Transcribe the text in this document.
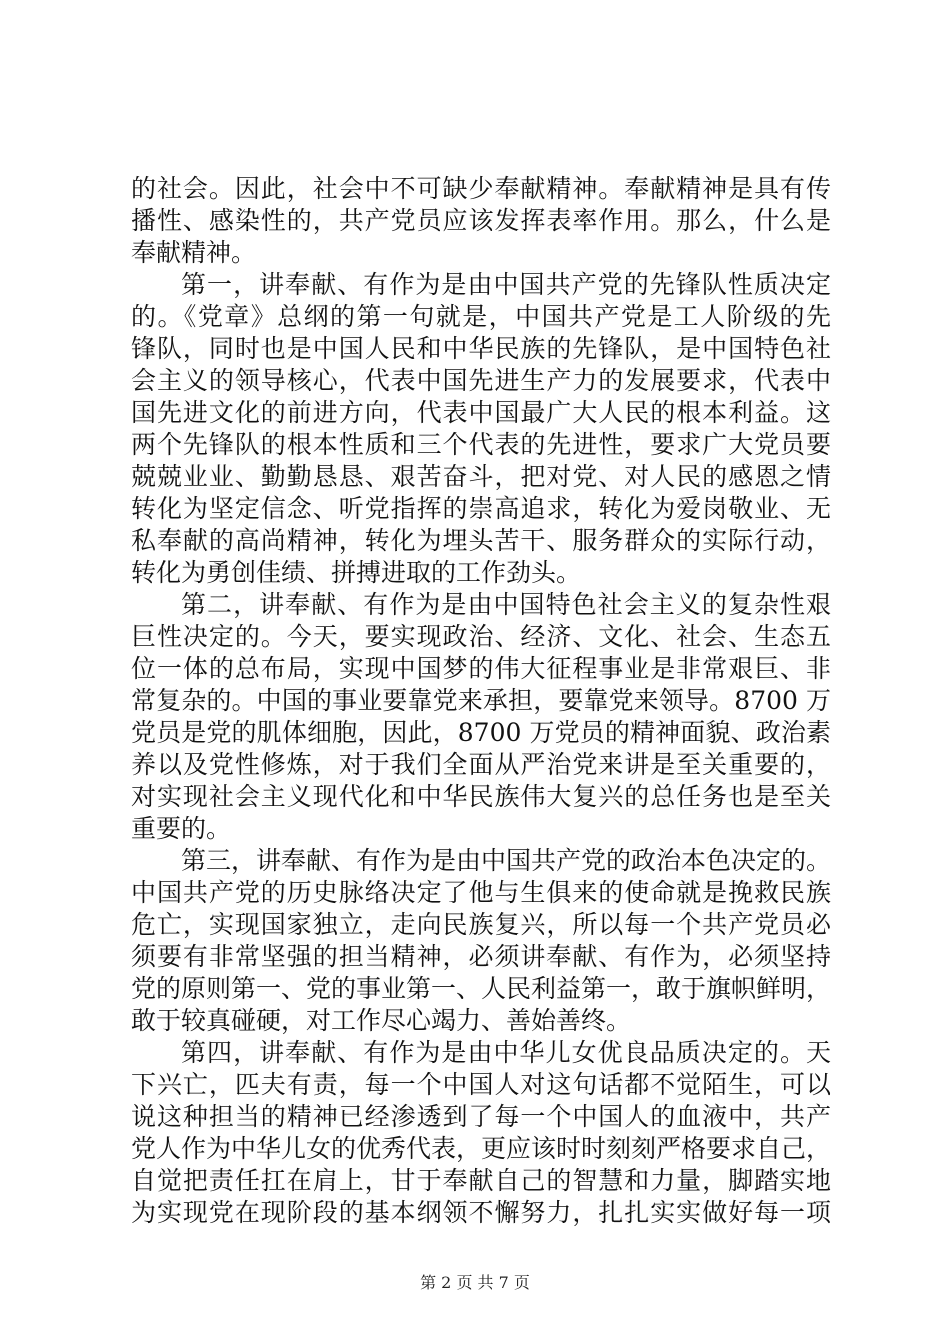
的社会。因此，社会中不可缺少奉献精神。奉献精神是具有传
播性、感染性的，共产党员应该发挥表率作用。那么，什么是
奉献精神。
第一，讲奉献、有作为是由中国共产党的先锋队性质决定
的。《党章》总纲的第一句就是，中国共产党是工人阶级的先
锋队，同时也是中国人民和中华民族的先锋队，是中国特色社
会主义的领导核心，代表中国先进生产力的发展要求，代表中
国先进文化的前进方向，代表中国最广大人民的根本利益。这
两个先锋队的根本性质和三个代表的先进性，要求广大党员要
兢兢业业、勤勤恳恳、艰苦奋斗，把对党、对人民的感恩之情
转化为坚定信念、听党指挥的崇高追求，转化为爱岗敬业、无
私奉献的高尚精神，转化为埋头苦干、服务群众的实际行动，
转化为勇创佳绩、拼搏进取的工作劲头。
第二，讲奉献、有作为是由中国特色社会主义的复杂性艰
巨性决定的。今天，要实现政治、经济、文化、社会、生态五
位一体的总布局，实现中国梦的伟大征程事业是非常艰巨、非
常复杂的。中国的事业要靠党来承担，要靠党来领导。8700 万
党员是党的肌体细胞，因此，8700 万党员的精神面貌、政治素
养以及党性修炼，对于我们全面从严治党来讲是至关重要的，
对实现社会主义现代化和中华民族伟大复兴的总任务也是至关
重要的。
第三，讲奉献、有作为是由中国共产党的政治本色决定的。
中国共产党的历史脉络决定了他与生俱来的使命就是挽救民族
危亡，实现国家独立，走向民族复兴，所以每一个共产党员必
须要有非常坚强的担当精神，必须讲奉献、有作为，必须坚持
党的原则第一、党的事业第一、人民利益第一，敢于旗帜鲜明，
敢于较真碰硬，对工作尽心竭力、善始善终。
第四，讲奉献、有作为是由中华儿女优良品质决定的。天
下兴亡，匹夫有责，每一个中国人对这句话都不觉陌生，可以
说这种担当的精神已经渗透到了每一个中国人的血液中，共产
党人作为中华儿女的优秀代表，更应该时时刻刻严格要求自己，
自觉把责任扛在肩上，甘于奉献自己的智慧和力量，脚踏实地
为实现党在现阶段的基本纲领不懈努力，扎扎实实做好每一项
第 2 页 共 7 页
